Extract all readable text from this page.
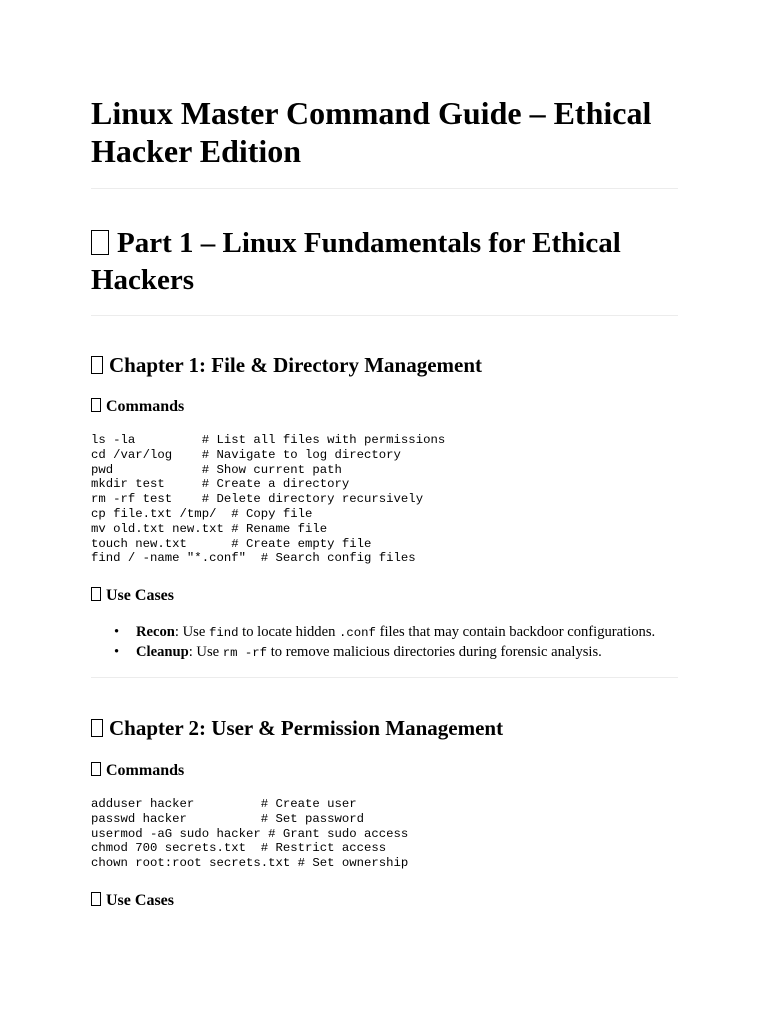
Linux Master Command Guide – Ethical Hacker Edition
Part 1 – Linux Fundamentals for Ethical Hackers
Chapter 1: File & Directory Management
Commands
ls -la         # List all files with permissions
cd /var/log    # Navigate to log directory
pwd            # Show current path
mkdir test     # Create a directory
rm -rf test    # Delete directory recursively
cp file.txt /tmp/  # Copy file
mv old.txt new.txt # Rename file
touch new.txt      # Create empty file
find / -name "*.conf"  # Search config files
Use Cases
• Recon: Use find to locate hidden .conf files that may contain backdoor configurations.
• Cleanup: Use rm -rf to remove malicious directories during forensic analysis.
Chapter 2: User & Permission Management
Commands
adduser hacker         # Create user
passwd hacker          # Set password
usermod -aG sudo hacker # Grant sudo access
chmod 700 secrets.txt  # Restrict access
chown root:root secrets.txt # Set ownership
Use Cases
